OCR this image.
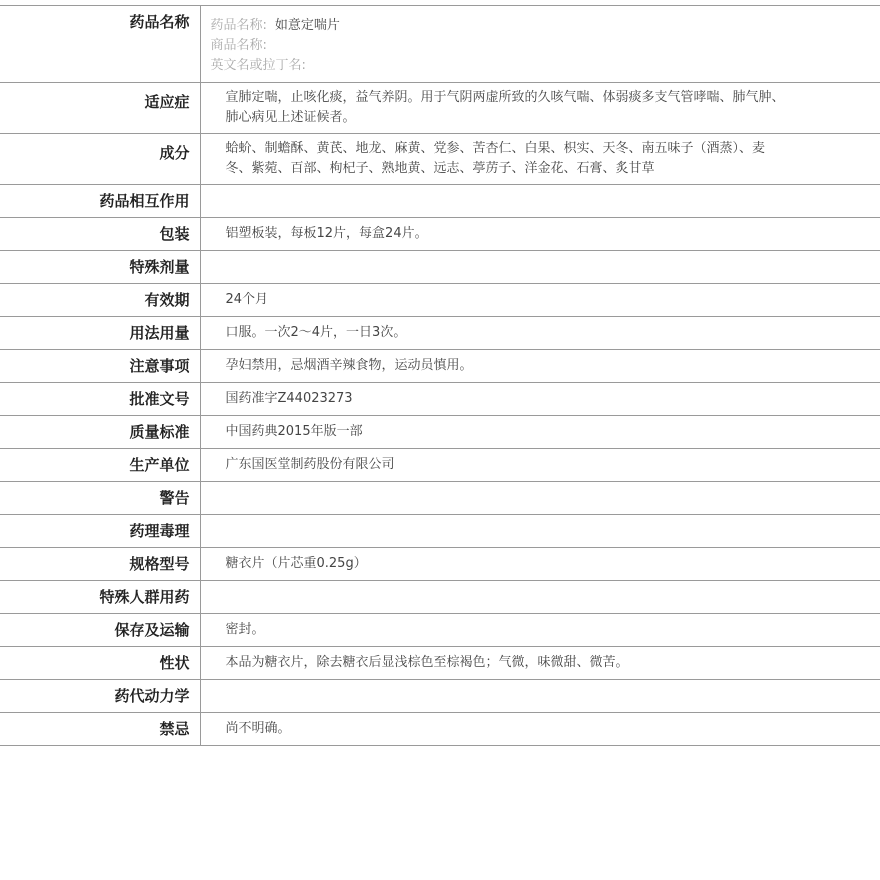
药品名称	药品名称: 如意定喘片
商品名称:
英文名或拉丁名:

适应症	宣肺定喘，止咳化痰，益气养阴。用于气阴两虚所致的久咳气喘、体弱痰多支气管哮喘、肺气肿、肺心病见上述证候者。
成分	蛤蚧、制蟾酥、黄芪、地龙、麻黄、党参、苦杏仁、白果、枳实、天冬、南五味子（酒蒸）、麦冬、紫菀、百部、枸杞子、熟地黄、远志、葶苈子、洋金花、石膏、炙甘草
药品相互作用	
包装	铝塑板装，每板12片，每盒24片。
特殊剂量	
有效期	24个月
用法用量	口服。一次2～4片，一日3次。
注意事项	孕妇禁用，忌烟酒辛辣食物，运动员慎用。
批准文号	国药准字Z44023273
质量标准	中国药典2015年版一部
生产单位	广东国医堂制药股份有限公司
警告	
药理毒理	
规格型号	糖衣片（片芯重0.25g）
特殊人群用药	
保存及运输	密封。
性状	本品为糖衣片，除去糖衣后显浅棕色至棕褐色；气微，味微甜、微苦。
药代动力学	
禁忌	尚不明确。
